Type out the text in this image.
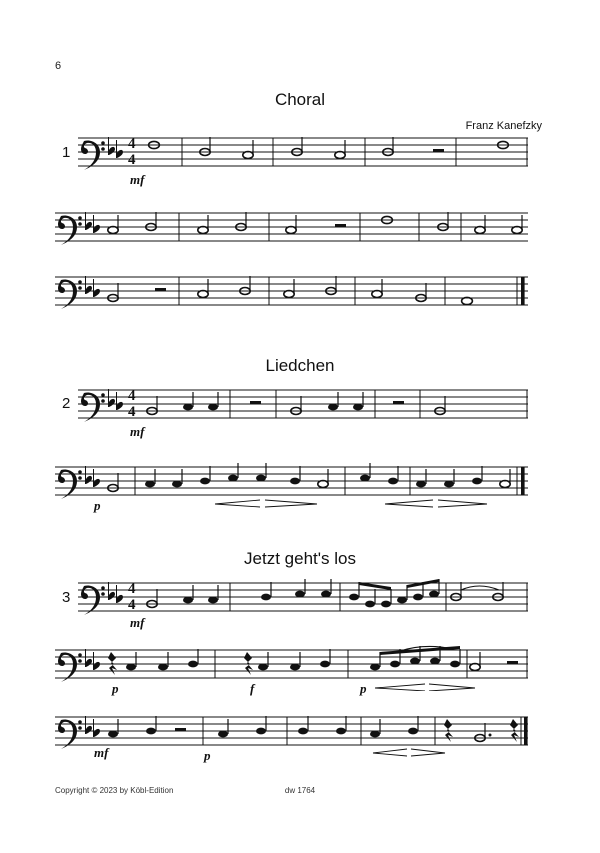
6
Choral
Franz Kanefzky
1	4
4
mf
Liedchen
2	4
4
mf
p
Jetzt geht's los
3	4
4
mf
p	f	p
mf	p
Copyright © 2023 by Köbl-Edition	dw 1764
